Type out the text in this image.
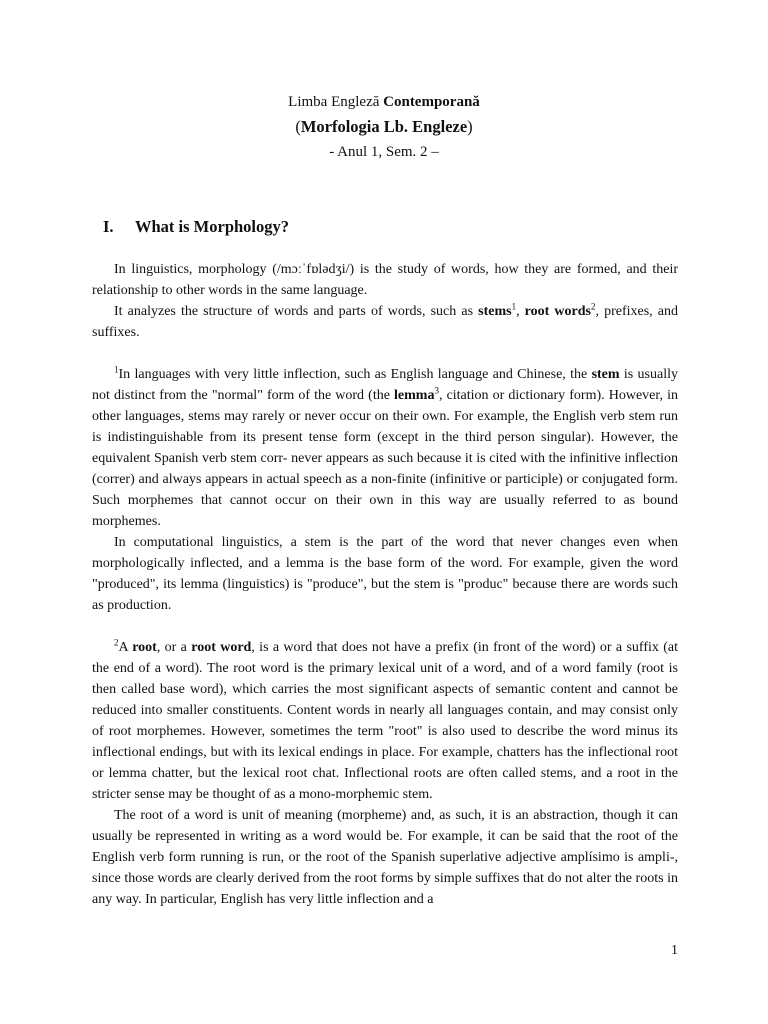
Limba Engleză Contemporană
(Morfologia Lb. Engleze)
- Anul 1, Sem. 2 –
I. What is Morphology?

In linguistics, morphology (/mɔːˈfɒlədʒi/) is the study of words, how they are formed, and their relationship to other words in the same language.

It analyzes the structure of words and parts of words, such as stems$^1$, root words$^2$, prefixes, and suffixes.

$^1$In languages with very little inflection, such as English language and Chinese, the stem is usually not distinct from the "normal" form of the word (the lemma$^3$, citation or dictionary form). However, in other languages, stems may rarely or never occur on their own. For example, the English verb stem run is indistinguishable from its present tense form (except in the third person singular). However, the equivalent Spanish verb stem corr- never appears as such because it is cited with the infinitive inflection (correr) and always appears in actual speech as a non-finite (infinitive or participle) or conjugated form. Such morphemes that cannot occur on their own in this way are usually referred to as bound morphemes.

In computational linguistics, a stem is the part of the word that never changes even when morphologically inflected, and a lemma is the base form of the word. For example, given the word "produced", its lemma (linguistics) is "produce", but the stem is "produc" because there are words such as production.

$^2$A root, or a root word, is a word that does not have a prefix (in front of the word) or a suffix (at the end of a word). The root word is the primary lexical unit of a word, and of a word family (root is then called base word), which carries the most significant aspects of semantic content and cannot be reduced into smaller constituents. Content words in nearly all languages contain, and may consist only of root morphemes. However, sometimes the term "root" is also used to describe the word minus its inflectional endings, but with its lexical endings in place. For example, chatters has the inflectional root or lemma chatter, but the lexical root chat. Inflectional roots are often called stems, and a root in the stricter sense may be thought of as a mono-morphemic stem.

The root of a word is unit of meaning (morpheme) and, as such, it is an abstraction, though it can usually be represented in writing as a word would be. For example, it can be said that the root of the English verb form running is run, or the root of the Spanish superlative adjective amplísimo is ampli-, since those words are clearly derived from the root forms by simple suffixes that do not alter the roots in any way. In particular, English has very little inflection and a

1
